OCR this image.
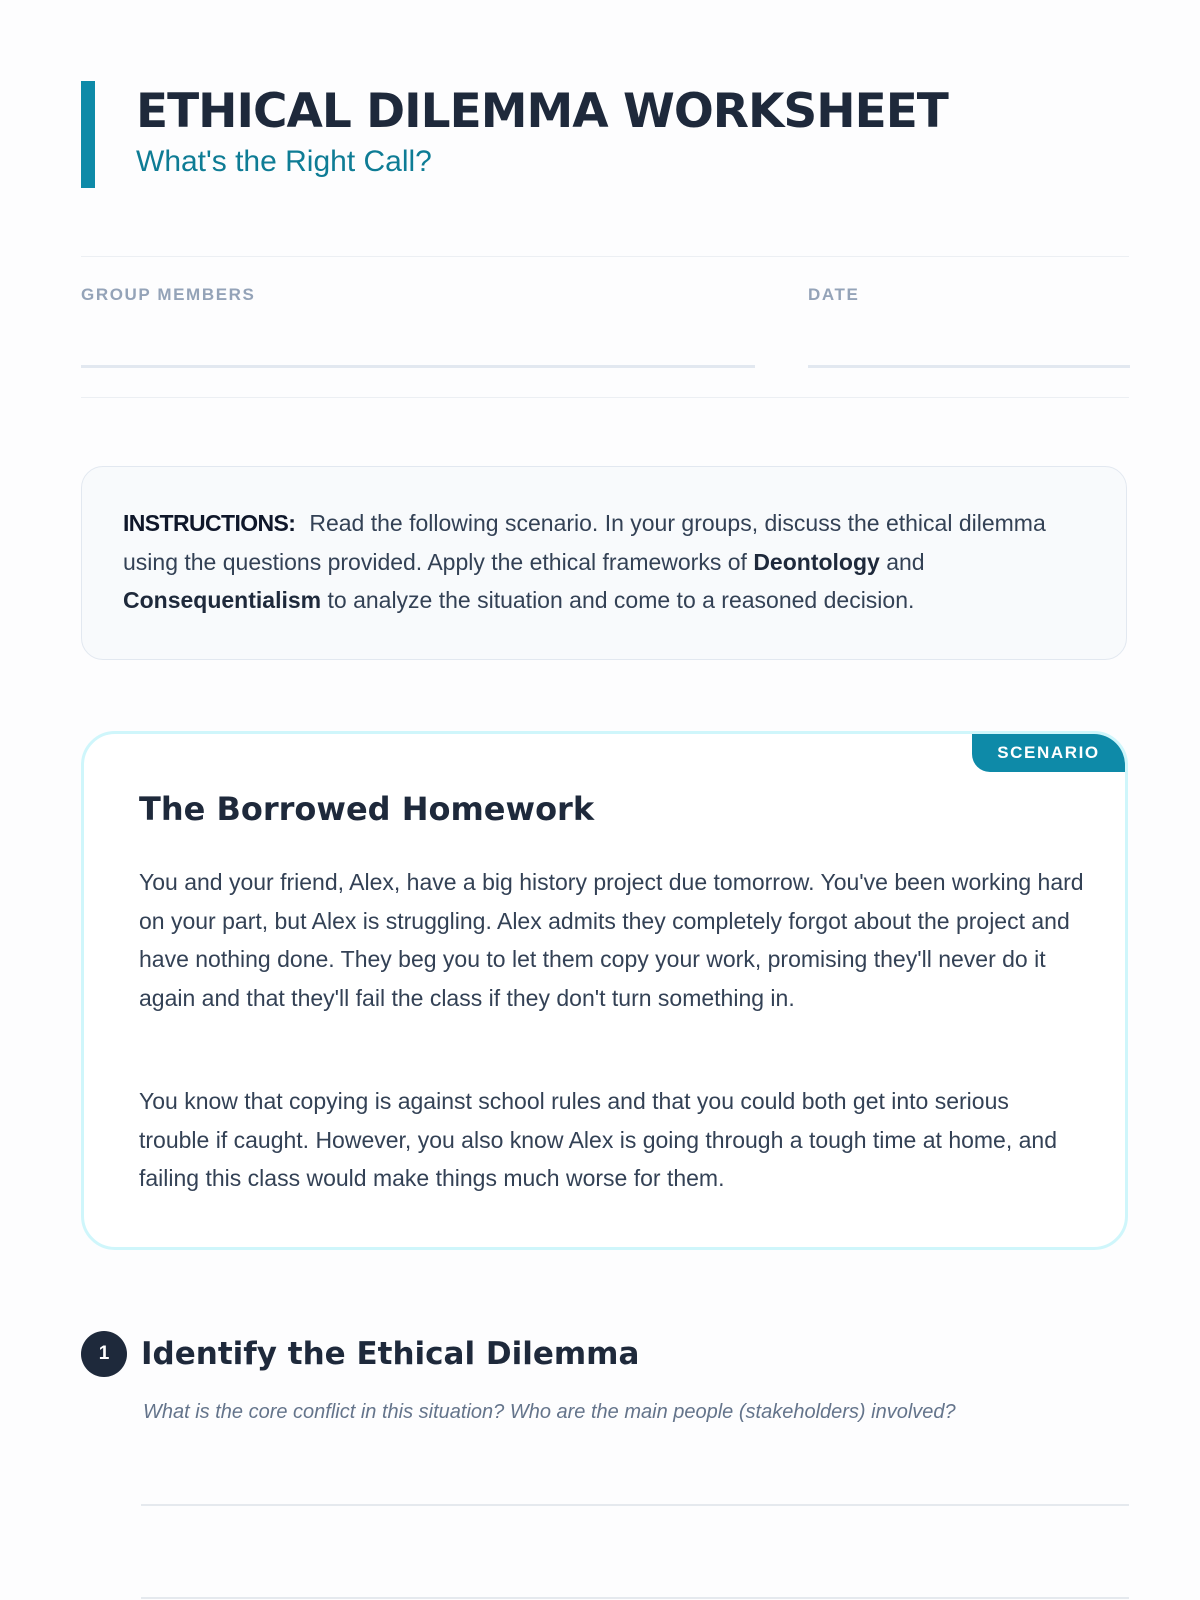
ETHICAL DILEMMA WORKSHEET
What's the Right Call?
GROUP MEMBERS	DATE
INSTRUCTIONS: Read the following scenario. In your groups, discuss the ethical dilemma using the questions provided. Apply the ethical frameworks of Deontology and Consequentialism to analyze the situation and come to a reasoned decision.
SCENARIO
The Borrowed Homework

You and your friend, Alex, have a big history project due tomorrow. You've been working hard on your part, but Alex is struggling. Alex admits they completely forgot about the project and have nothing done. They beg you to let them copy your work, promising they'll never do it again and that they'll fail the class if they don't turn something in.

You know that copying is against school rules and that you could both get into serious trouble if caught. However, you also know Alex is going through a tough time at home, and failing this class would make things much worse for them.

1	Identify the Ethical Dilemma
What is the core conflict in this situation? Who are the main people (stakeholders) involved?
